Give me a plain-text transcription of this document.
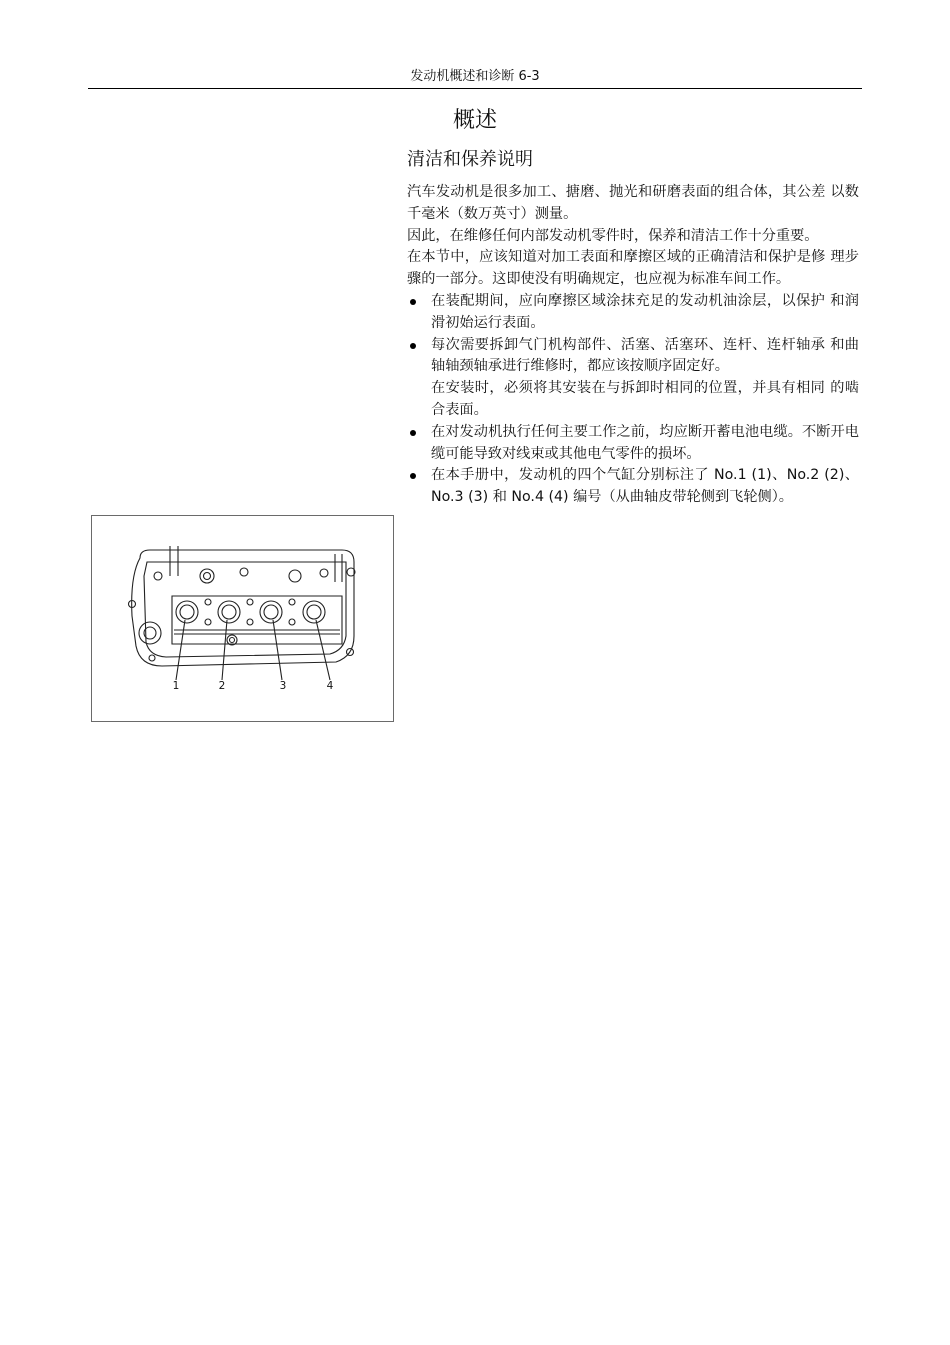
发动机概述和诊断 6-3
概述
清洁和保养说明

汽车发动机是很多加工、搪磨、抛光和研磨表面的组合体，其公差 以数千毫米（数万英寸）测量。

因此，在维修任何内部发动机零件时，保养和清洁工作十分重要。

在本节中，应该知道对加工表面和摩擦区域的正确清洁和保护是修 理步骤的一部分。这即使没有明确规定，也应视为标准车间工作。

在装配期间，应向摩擦区域涂抹充足的发动机油涂层，以保护 和润滑初始运行表面。

每次需要拆卸气门机构部件、活塞、活塞环、连杆、连杆轴承 和曲轴轴颈轴承进行维修时，都应该按顺序固定好。

在安装时，必须将其安装在与拆卸时相同的位置，并具有相同 的啮合表面。

在对发动机执行任何主要工作之前，均应断开蓄电池电缆。不断开电缆可能导致对线束或其他电气零件的损坏。

在本手册中，发动机的四个气缸分别标注了 No.1 (1)、No.2 (2)、No.3 (3) 和 No.4 (4) 编号（从曲轴皮带轮侧到飞轮侧）。

1	2	3	4
